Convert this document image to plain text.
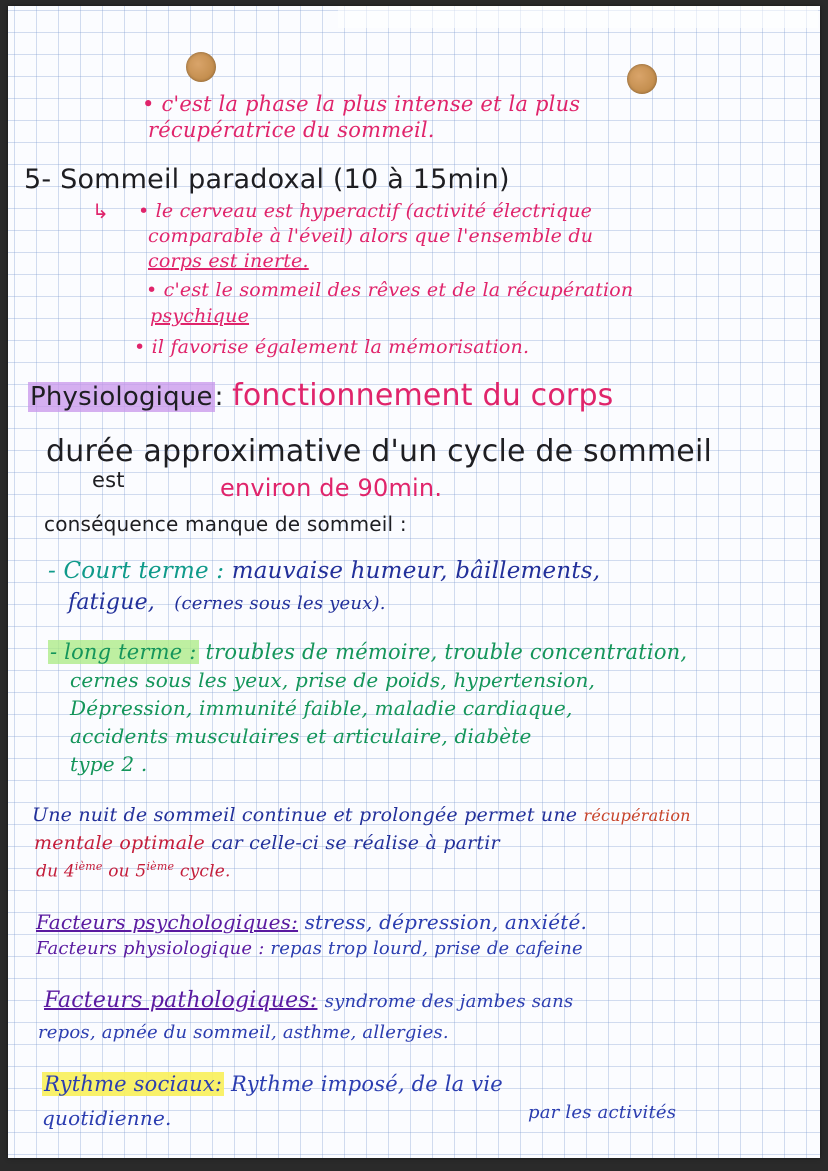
• c'est la phase la plus intense et la plus
récupératrice du sommeil.
5- Sommeil paradoxal (10 à 15min)
↳ • le cerveau est hyperactif (activité électrique
comparable à l'éveil) alors que l'ensemble du
corps est inerte.
• c'est le sommeil des rêves et de la récupération
psychique
• il favorise également la mémorisation.
Physiologique: fonctionnement du corps
durée approximative d'un cycle de sommeil
est	environ de 90min.
conséquence manque de sommeil :
- Court terme : mauvaise humeur, bâillements,
fatigue, (cernes sous les yeux).
- long terme : troubles de mémoire, trouble concentration,
cernes sous les yeux, prise de poids, hypertension,
Dépression, immunité faible, maladie cardiaque,
accidents musculaires et articulaire, diabète
type 2 .
Une nuit de sommeil continue et prolongée permet une récupération
mentale optimale car celle-ci se réalise à partir
du 4ième ou 5ième cycle.
Facteurs psychologiques: stress, dépression, anxiété.
Facteurs physiologique : repas trop lourd, prise de cafeine
Facteurs pathologiques: syndrome des jambes sans
repos, apnée du sommeil, asthme, allergies.
Rythme sociaux: Rythme imposé, de la vie
quotidienne.	par les activités
